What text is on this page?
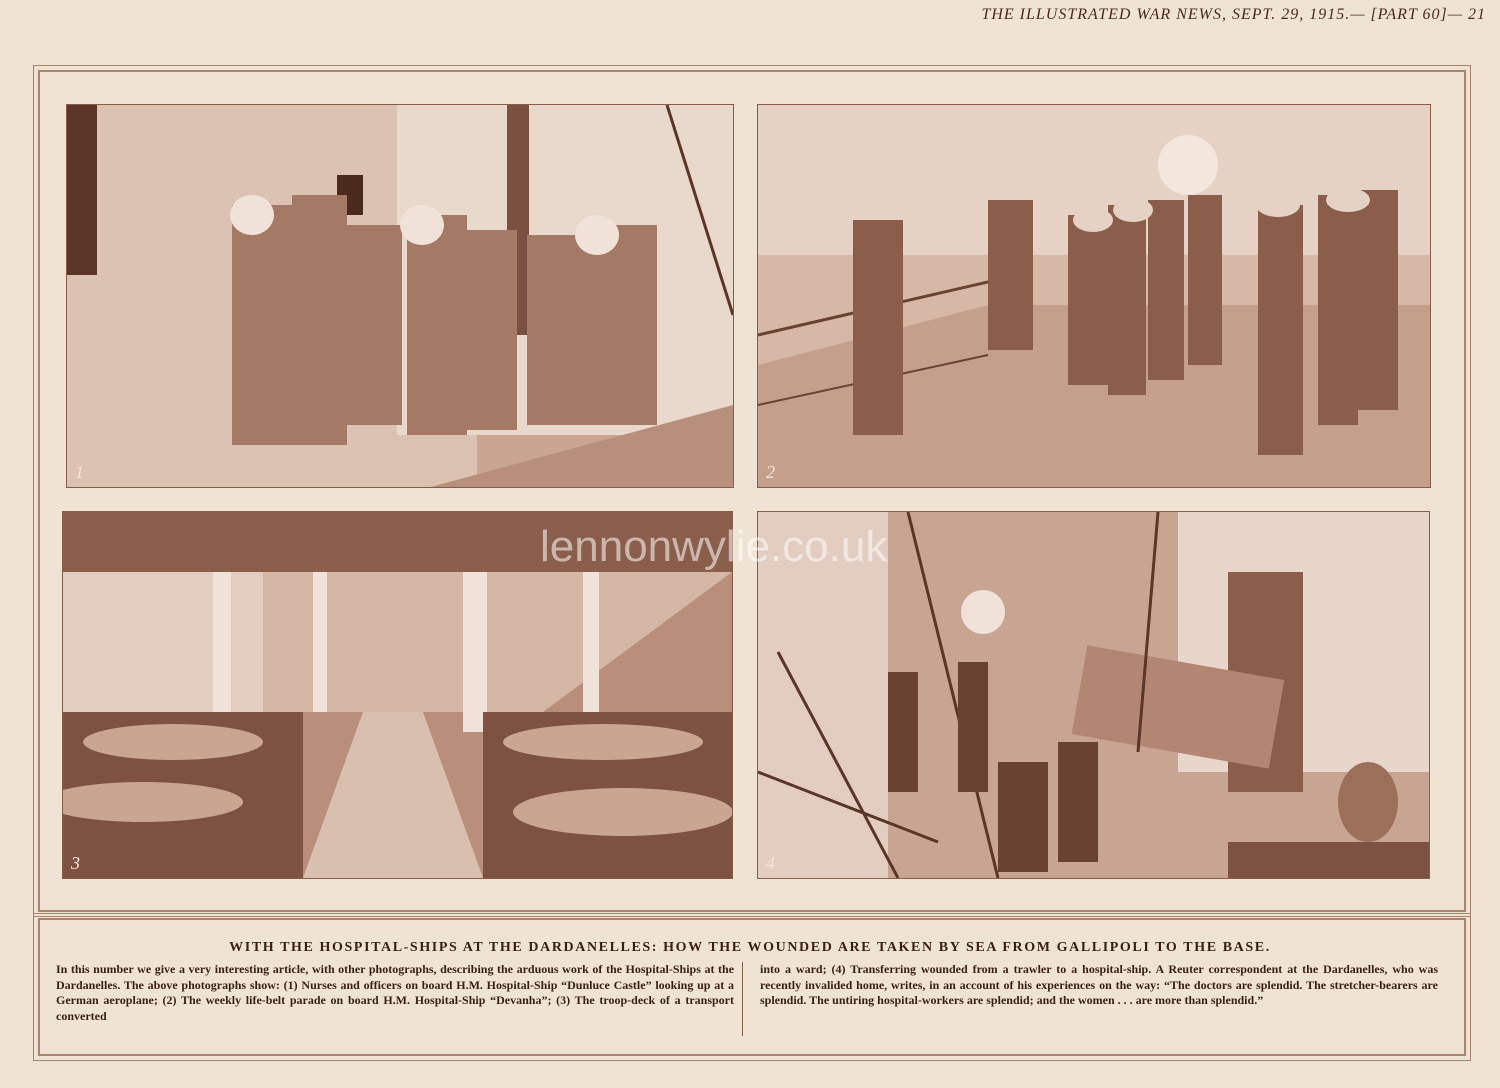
THE ILLUSTRATED WAR NEWS, SEPT. 29, 1915.— [PART 60]— 21
1	2
3	4
lennonwylie.co.uk
WITH THE HOSPITAL-SHIPS AT THE DARDANELLES: HOW THE WOUNDED ARE TAKEN BY SEA FROM GALLIPOLI TO THE BASE.
In this number we give a very interesting article, with other photographs, describing the arduous work of the Hospital-Ships at the Dardanelles. The above photographs show: (1) Nurses and officers on board H.M. Hospital-Ship “Dunluce Castle” looking up at a German aeroplane; (2) The weekly life-belt parade on board H.M. Hospital-Ship “Devanha”; (3) The troop-deck of a transport converted
into a ward; (4) Transferring wounded from a trawler to a hospital-ship. A Reuter correspondent at the Dardanelles, who was recently invalided home, writes, in an account of his experiences on the way: “The doctors are splendid. The stretcher-bearers are splendid. The untiring hospital-workers are splendid; and the women . . . are more than splendid.”
